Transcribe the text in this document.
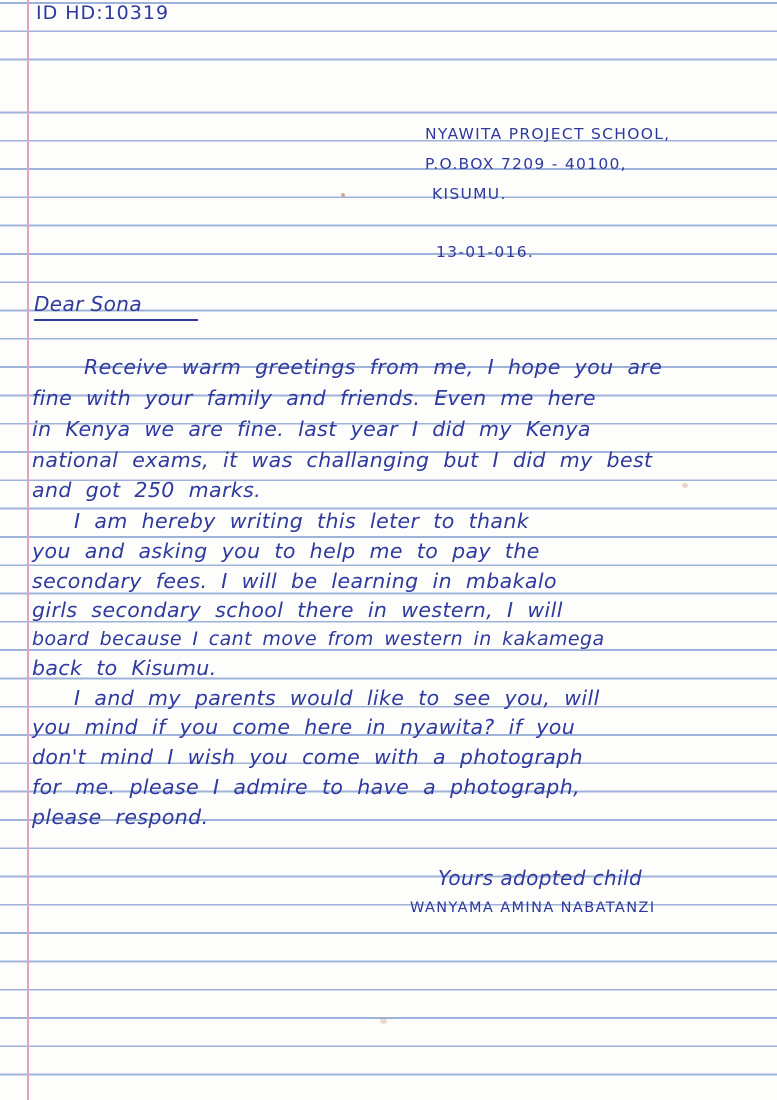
ID HD:10319
NYAWITA PROJECT SCHOOL,
P.O.BOX 7209 - 40100,
KISUMU.
13-01-016.
Dear Sona
Receive warm greetings from me, I hope you are
fine with your family and friends. Even me here
in Kenya we are fine. last year I did my Kenya
national exams, it was challanging but I did my best
and got 250 marks.
I am hereby writing this leter to thank
you and asking you to help me to pay the
secondary fees. I will be learning in mbakalo
girls secondary school there in western, I will
board because I cant move from western in kakamega
back to Kisumu.
I and my parents would like to see you, will
you mind if you come here in nyawita? if you
don't mind I wish you come with a photograph
for me. please I admire to have a photograph,
please respond.
Yours adopted child
WANYAMA AMINA NABATANZI
